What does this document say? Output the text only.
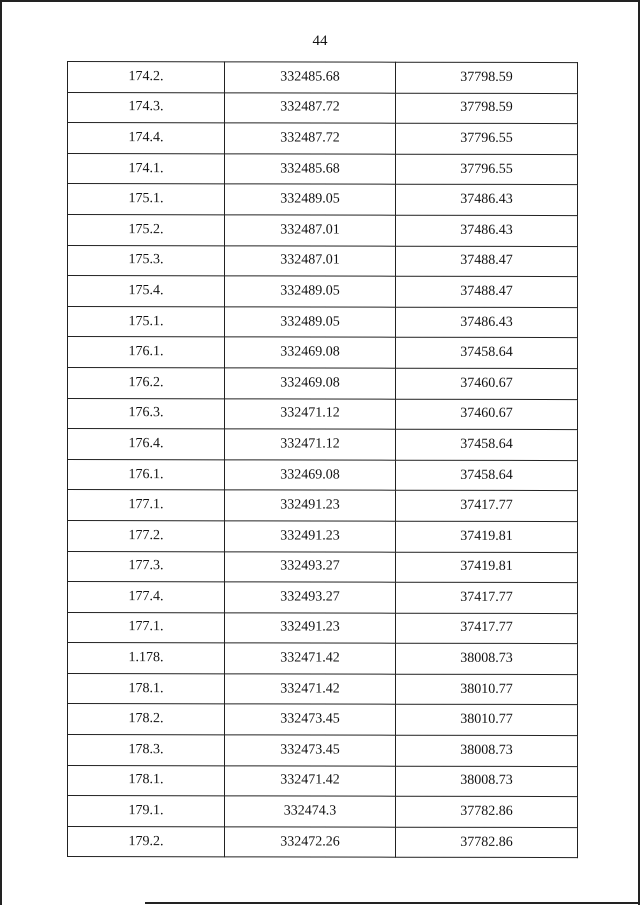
44
174.2.	332485.68	37798.59
174.3.	332487.72	37798.59
174.4.	332487.72	37796.55
174.1.	332485.68	37796.55
175.1.	332489.05	37486.43
175.2.	332487.01	37486.43
175.3.	332487.01	37488.47
175.4.	332489.05	37488.47
175.1.	332489.05	37486.43
176.1.	332469.08	37458.64
176.2.	332469.08	37460.67
176.3.	332471.12	37460.67
176.4.	332471.12	37458.64
176.1.	332469.08	37458.64
177.1.	332491.23	37417.77
177.2.	332491.23	37419.81
177.3.	332493.27	37419.81
177.4.	332493.27	37417.77
177.1.	332491.23	37417.77
1.178.	332471.42	38008.73
178.1.	332471.42	38010.77
178.2.	332473.45	38010.77
178.3.	332473.45	38008.73
178.1.	332471.42	38008.73
179.1.	332474.3	37782.86
179.2.	332472.26	37782.86
